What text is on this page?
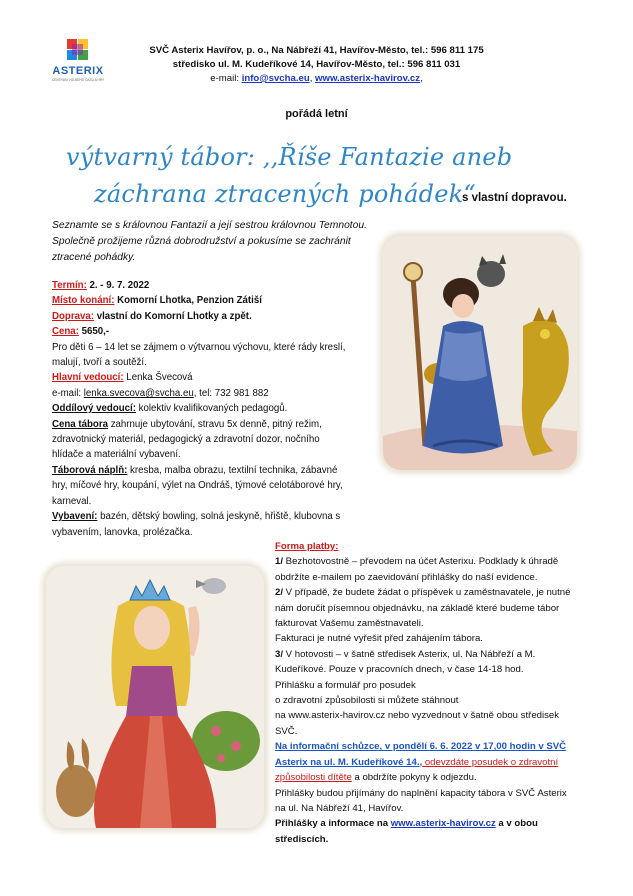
ASTERIX
CENTRUM VOLNÉHO ČASU A HRY
SVČ Asterix Havířov, p. o., Na Nábřeží 41, Havířov-Město, tel.: 596 811 175
středisko ul. M. Kudeříkové 14, Havířov-Město, tel.: 596 811 031
e-mail: info@svcha.eu, www.asterix-havirov.cz,
pořádá letní
výtvarný tábor: ,,Říše Fantazie aneb
záchrana ztracených pohádek“
s vlastní dopravou.
Seznamte se s královnou Fantazií a její sestrou královnou Temnotou. Společně prožijeme různá dobrodružství a pokusíme se zachránit ztracené pohádky.

Termín: 2. - 9. 7. 2022

Místo konání: Komorní Lhotka, Penzion Zátiší

Doprava: vlastní do Komorní Lhotky a zpět.

Cena: 5650,-

Pro děti 6 – 14 let se zájmem o výtvarnou výchovu, které rády kreslí, malují, tvoří a soutěží.

Hlavní vedoucí: Lenka Švecová

e-mail: lenka.svecova@svcha.eu, tel: 732 981 882

Oddílový vedoucí: kolektiv kvalifikovaných pedagogů.

Cena tábora zahrnuje ubytování, stravu 5x denně, pitný režim, zdravotnický materiál, pedagogický a zdravotní dozor, nočního hlídače a materiální vybavení.

Táborová náplň: kresba, malba obrazu, textilní technika, zábavné hry, míčové hry, koupání, výlet na Ondráš, týmové celotáborové hry, karneval.

Vybavení: bazén, dětský bowling, solná jeskyně, hřiště, klubovna s vybavením, lanovka, prolézačka.

Forma platby:

1/ Bezhotovostně – převodem na účet Asterixu. Podklady k úhradě obdržíte e-mailem po zaevidování přihlášky do naší evidence.

2/ V případě, že budete žádat o příspěvek u zaměstnavatele, je nutné nám doručit písemnou objednávku, na základě které budeme tábor fakturovat Vašemu zaměstnavateli.

Fakturaci je nutné vyřešit před zahájením tábora.

3/ V hotovosti – v šatně středisek Asterix, ul. Na Nábřeží a M. Kudeříkové. Pouze v pracovních dnech, v čase 14-18 hod.

Přihlášku a formulář pro posudek

o zdravotní způsobilosti si můžete stáhnout

na www.asterix-havirov.cz nebo vyzvednout v šatně obou středisek SVČ.

Na informační schůzce, v pondělí 6. 6. 2022 v 17,00 hodin v SVČ Asterix na ul. M. Kudeříkové 14., odevzdáte posudek o zdravotní způsobilosti dítěte a obdržíte pokyny k odjezdu.

Přihlášky budou přijímány do naplnění kapacity tábora v SVČ Asterix na ul. Na Nábřeží 41, Havířov.

Přihlášky a informace na www.asterix-havirov.cz a v obou střediscích.
